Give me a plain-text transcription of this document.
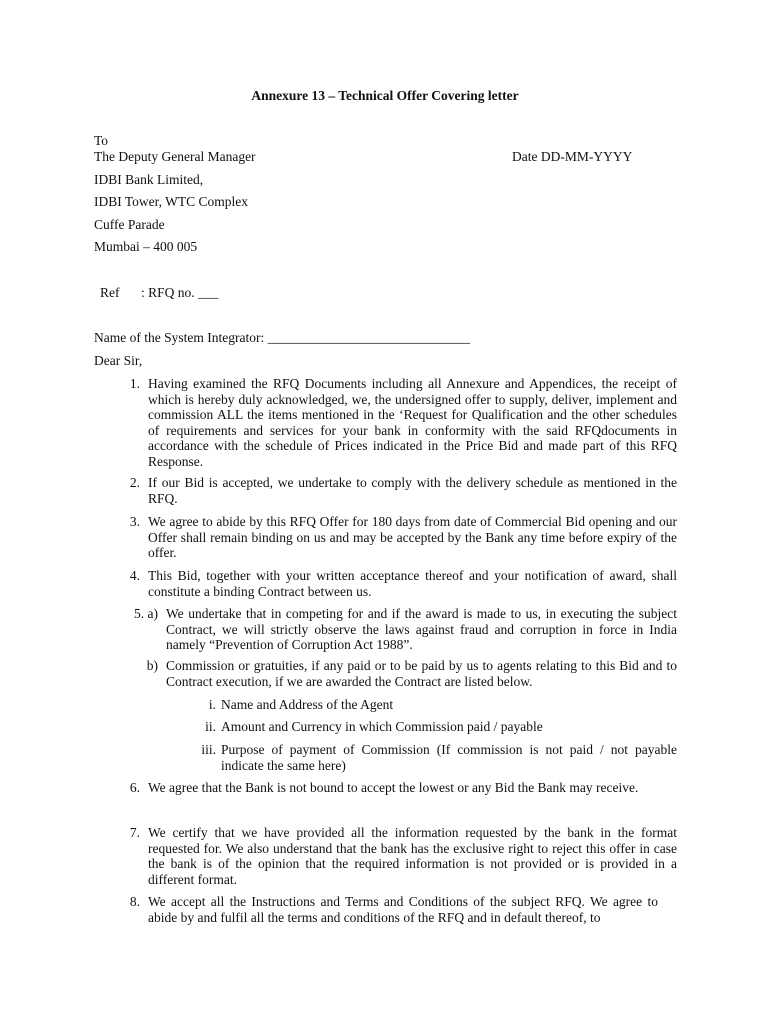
Annexure 13 – Technical Offer Covering letter
To
The Deputy General Manager	Date DD-MM-YYYY
IDBI Bank Limited,
IDBI Tower, WTC Complex
Cuffe Parade
Mumbai – 400 005
Ref : RFQ no. ___
Name of the System Integrator: ______________________________
Dear Sir,
1. Having examined the RFQ Documents including all Annexure and Appendices, the receipt of which is hereby duly acknowledged, we, the undersigned offer to supply, deliver, implement and commission ALL the items mentioned in the ‘Request for Qualification and the other schedules of requirements and services for your bank in conformity with the said RFQdocuments in accordance with the schedule of Prices indicated in the Price Bid and made part of this RFQ Response.
2. If our Bid is accepted, we undertake to comply with the delivery schedule as mentioned in the RFQ.
3. We agree to abide by this RFQ Offer for 180 days from date of Commercial Bid opening and our Offer shall remain binding on us and may be accepted by the Bank any time before expiry of the offer.
4. This Bid, together with your written acceptance thereof and your notification of award, shall constitute a binding Contract between us.
5. a) We undertake that in competing for and if the award is made to us, in executing the subject Contract, we will strictly observe the laws against fraud and corruption in force in India namely “Prevention of Corruption Act 1988”.
b) Commission or gratuities, if any paid or to be paid by us to agents relating to this Bid and to Contract execution, if we are awarded the Contract are listed below.
i. Name and Address of the Agent
ii. Amount and Currency in which Commission paid / payable
iii. Purpose of payment of Commission (If commission is not paid / not payable indicate the same here)
6. We agree that the Bank is not bound to accept the lowest or any Bid the Bank may receive.
7. We certify that we have provided all the information requested by the bank in the format requested for. We also understand that the bank has the exclusive right to reject this offer in case the bank is of the opinion that the required information is not provided or is provided in a different format.
8. We accept all the Instructions and Terms and Conditions of the subject RFQ. We agree to abide by and fulfil all the terms and conditions of the RFQ and in default thereof, to
